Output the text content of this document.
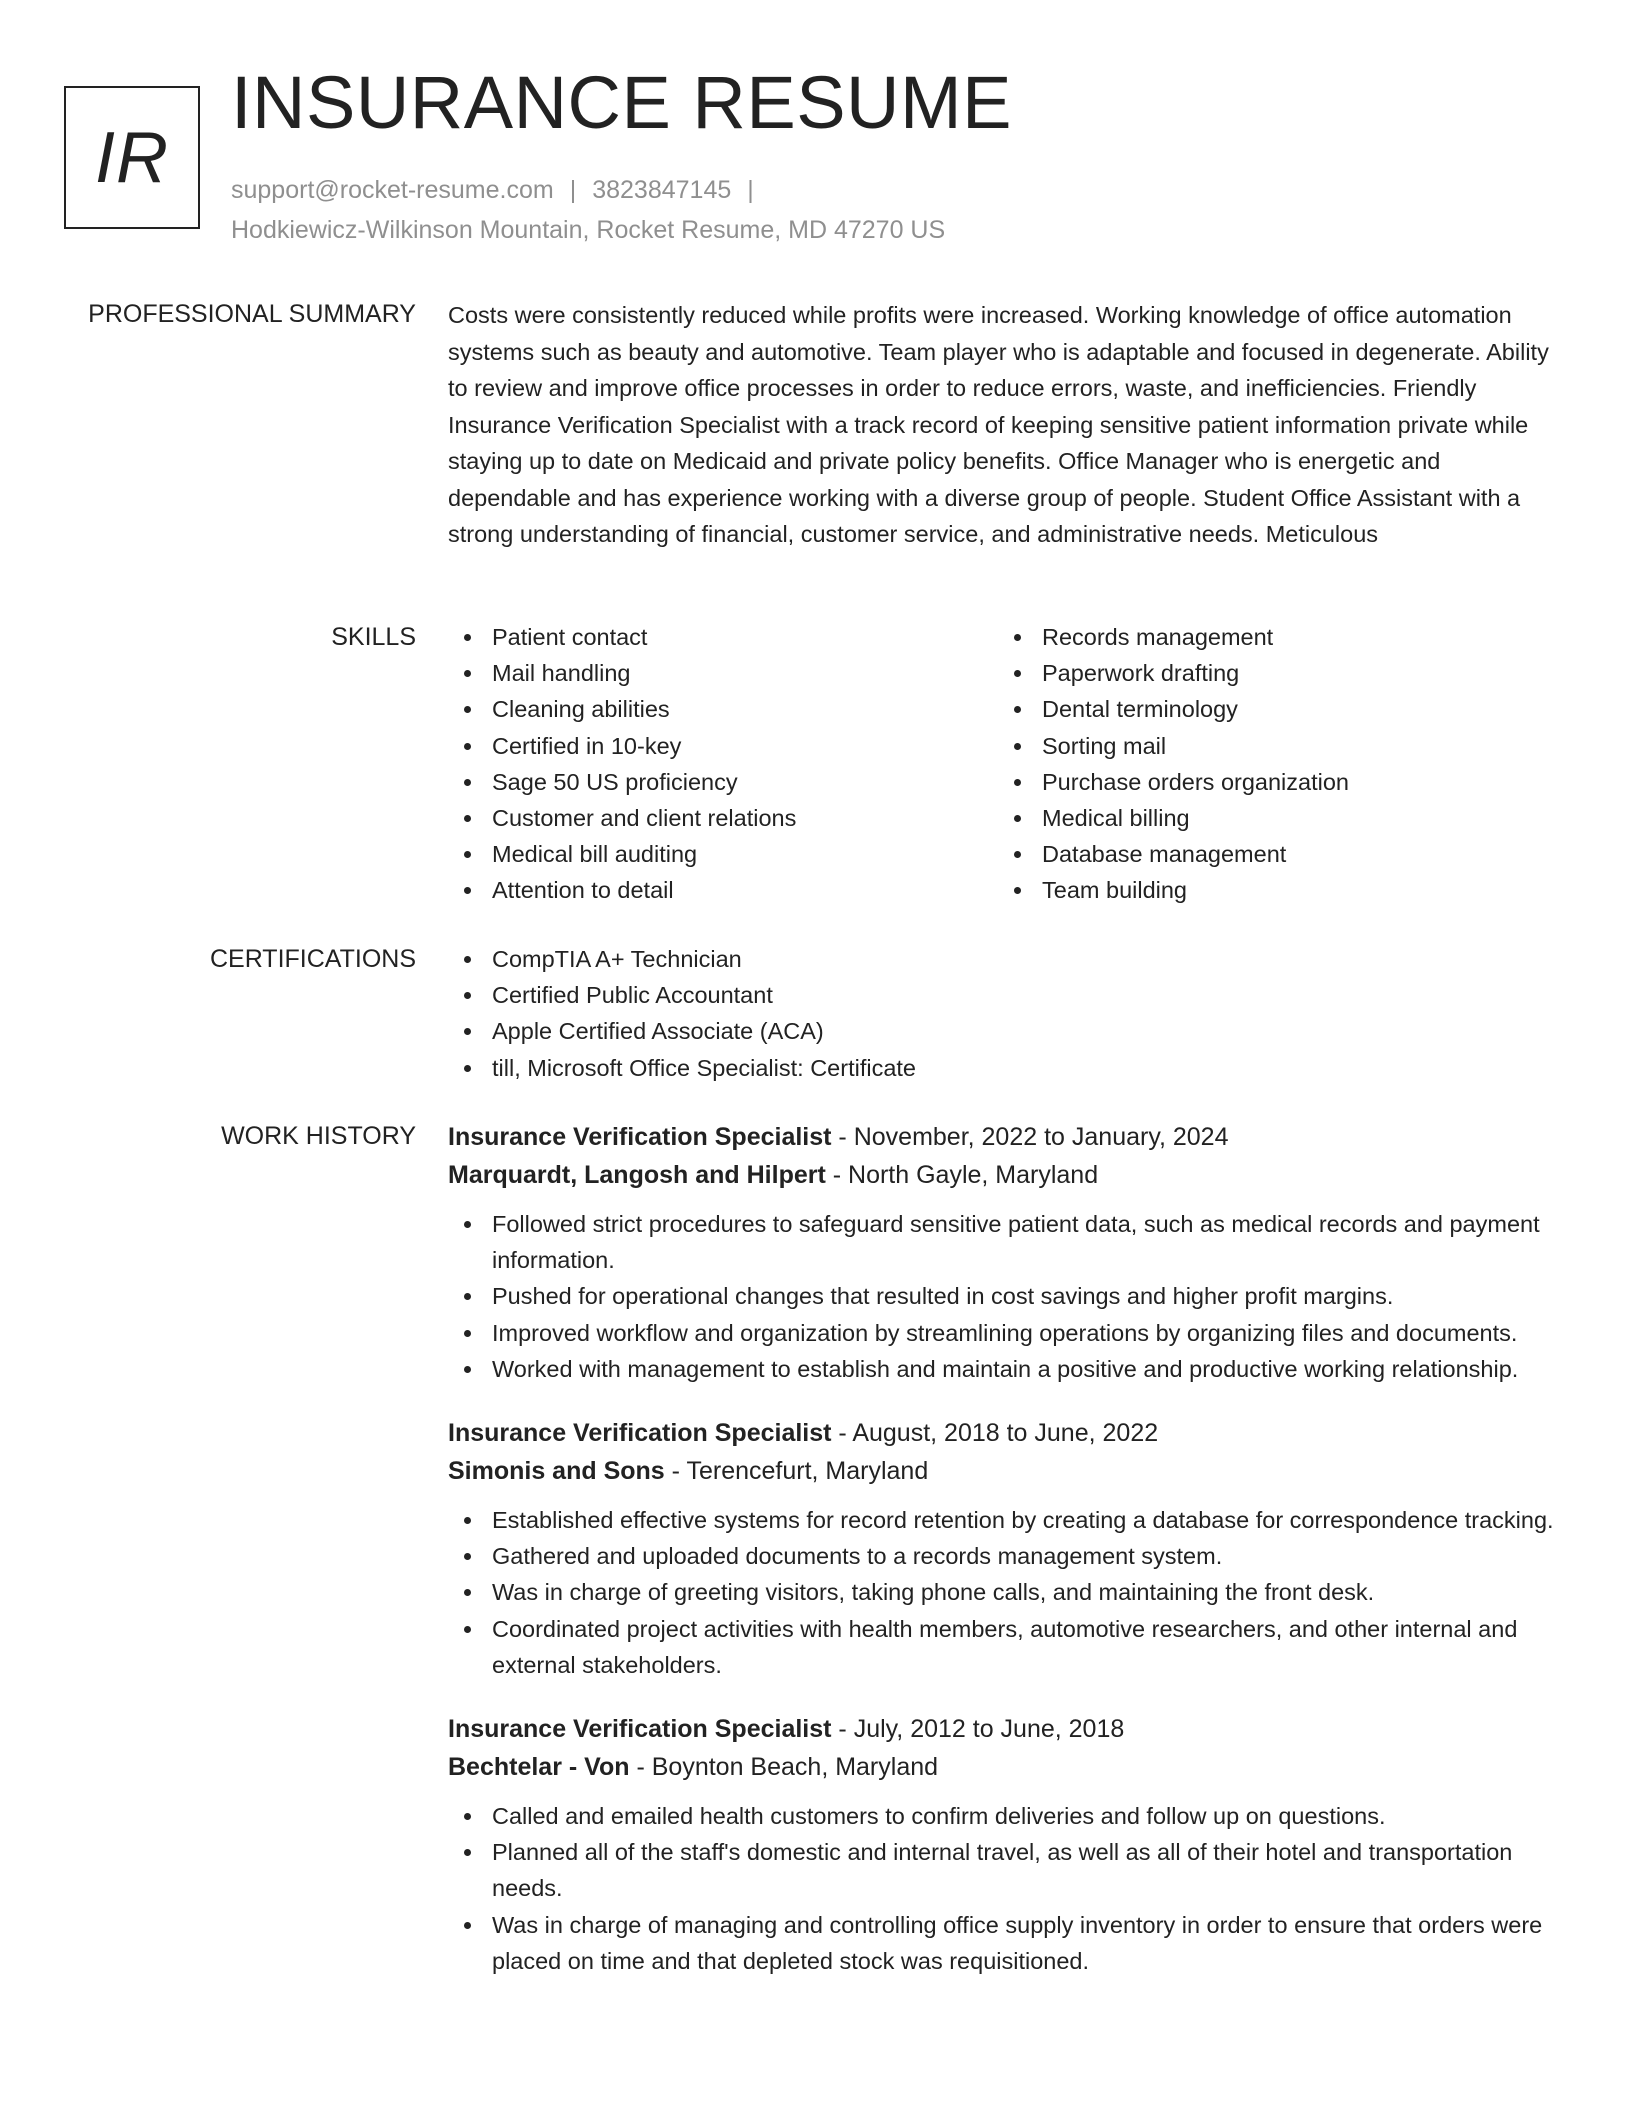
IR
INSURANCE RESUME
support@rocket-resume.com | 3823847145 |
Hodkiewicz-Wilkinson Mountain, Rocket Resume, MD 47270 US
PROFESSIONAL SUMMARY Costs were consistently reduced while profits were increased. Working knowledge of office automation systems such as beauty and automotive. Team player who is adaptable and focused in degenerate. Ability to review and improve office processes in order to reduce errors, waste, and inefficiencies. Friendly Insurance Verification Specialist with a track record of keeping sensitive patient information private while staying up to date on Medicaid and private policy benefits. Office Manager who is energetic and dependable and has experience working with a diverse group of people. Student Office Assistant with a strong understanding of financial, customer service, and administrative needs. Meticulous
SKILLS	Patient contact
Mail handling
Cleaning abilities
Certified in 10-key
Sage 50 US proficiency
Customer and client relations
Medical bill auditing
Attention to detail
Records management
Paperwork drafting
Dental terminology
Sorting mail
Purchase orders organization
Medical billing
Database management
Team building
CERTIFICATIONS	CompTIA A+ Technician
Certified Public Accountant
Apple Certified Associate (ACA)
till, Microsoft Office Specialist: Certificate
WORK HISTORY Insurance Verification Specialist - November, 2022 to January, 2024
Marquardt, Langosh and Hilpert - North Gayle, Maryland
Followed strict procedures to safeguard sensitive patient data, such as medical records and payment information.
Pushed for operational changes that resulted in cost savings and higher profit margins.
Improved workflow and organization by streamlining operations by organizing files and documents.
Worked with management to establish and maintain a positive and productive working relationship.
Insurance Verification Specialist - August, 2018 to June, 2022
Simonis and Sons - Terencefurt, Maryland
Established effective systems for record retention by creating a database for correspondence tracking.
Gathered and uploaded documents to a records management system.
Was in charge of greeting visitors, taking phone calls, and maintaining the front desk.
Coordinated project activities with health members, automotive researchers, and other internal and external stakeholders.
Insurance Verification Specialist - July, 2012 to June, 2018
Bechtelar - Von - Boynton Beach, Maryland
Called and emailed health customers to confirm deliveries and follow up on questions.
Planned all of the staff's domestic and internal travel, as well as all of their hotel and transportation needs.
Was in charge of managing and controlling office supply inventory in order to ensure that orders were placed on time and that depleted stock was requisitioned.
